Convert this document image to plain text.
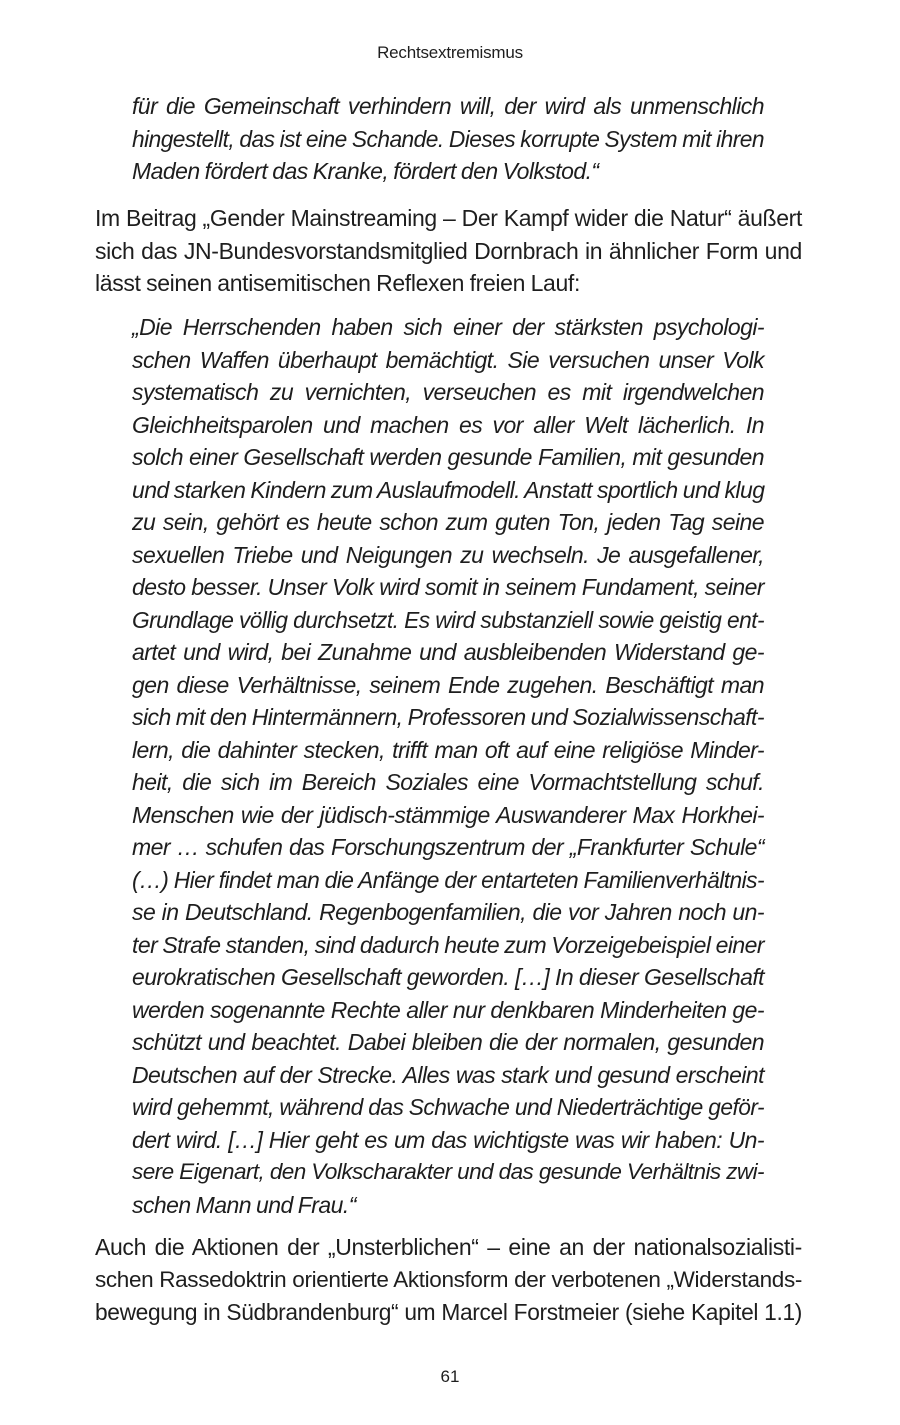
Rechtsextremismus
für die Gemeinschaft verhindern will, der wird als unmenschlich
hingestellt, das ist eine Schande. Dieses korrupte System mit ihren
Maden fördert das Kranke, fördert den Volkstod.“
Im Beitrag „Gender Mainstreaming – Der Kampf wider die Natur“ äußert
sich das JN-Bundesvorstandsmitglied Dornbrach in ähnlicher Form und
lässt seinen antisemitischen Reflexen freien Lauf:
„Die Herrschenden haben sich einer der stärksten psychologi-
schen Waffen überhaupt bemächtigt. Sie versuchen unser Volk
systematisch zu vernichten, verseuchen es mit irgendwelchen
Gleichheitsparolen und machen es vor aller Welt lächerlich. In
solch einer Gesellschaft werden gesunde Familien, mit gesunden
und starken Kindern zum Auslaufmodell. Anstatt sportlich und klug
zu sein, gehört es heute schon zum guten Ton, jeden Tag seine
sexuellen Triebe und Neigungen zu wechseln. Je ausgefallener,
desto besser. Unser Volk wird somit in seinem Fundament, seiner
Grundlage völlig durchsetzt. Es wird substanziell sowie geistig ent-
artet und wird, bei Zunahme und ausbleibenden Widerstand ge-
gen diese Verhältnisse, seinem Ende zugehen. Beschäftigt man
sich mit den Hintermännern, Professoren und Sozialwissenschaft-
lern, die dahinter stecken, trifft man oft auf eine religiöse Minder-
heit, die sich im Bereich Soziales eine Vormachtstellung schuf.
Menschen wie der jüdisch-stämmige Auswanderer Max Horkhei-
mer … schufen das Forschungszentrum der „Frankfurter Schule“
(…) Hier findet man die Anfänge der entarteten Familienverhältnis-
se in Deutschland. Regenbogenfamilien, die vor Jahren noch un-
ter Strafe standen, sind dadurch heute zum Vorzeigebeispiel einer
eurokratischen Gesellschaft geworden. […] In dieser Gesellschaft
werden sogenannte Rechte aller nur denkbaren Minderheiten ge-
schützt und beachtet. Dabei bleiben die der normalen, gesunden
Deutschen auf der Strecke. Alles was stark und gesund erscheint
wird gehemmt, während das Schwache und Niederträchtige geför-
dert wird. […] Hier geht es um das wichtigste was wir haben: Un-
sere Eigenart, den Volkscharakter und das gesunde Verhältnis zwi-
schen Mann und Frau.“
Auch die Aktionen der „Unsterblichen“ – eine an der nationalsozialisti-
schen Rassedoktrin orientierte Aktionsform der verbotenen „Widerstands-
bewegung in Südbrandenburg“ um Marcel Forstmeier (siehe Kapitel 1.1)
61
